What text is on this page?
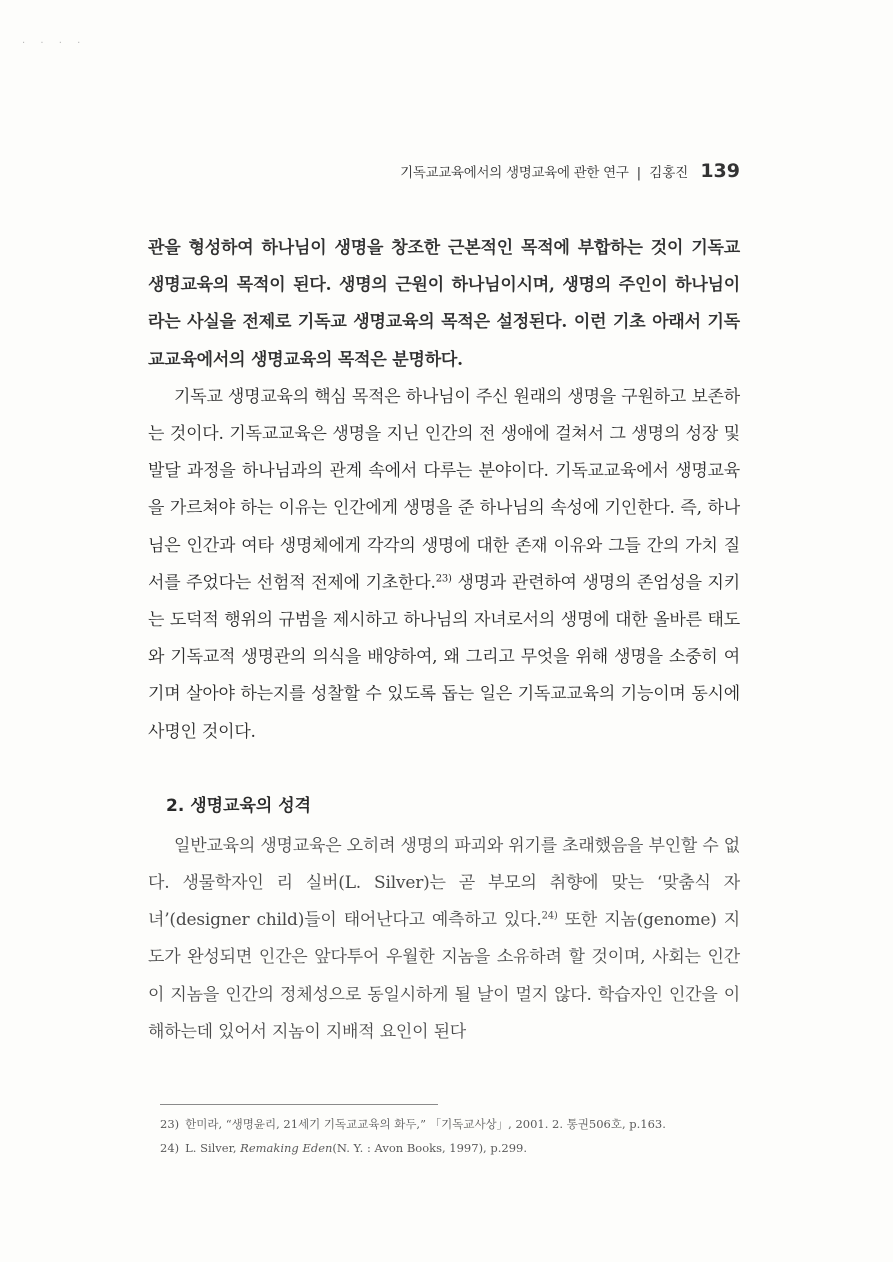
· · · ·
기독교교육에서의 생명교육에 관한 연구 | 김홍진 139

관을 형성하여 하나님이 생명을 창조한 근본적인 목적에 부합하는 것이 기독교 생명교육의 목적이 된다. 생명의 근원이 하나님이시며, 생명의 주인이 하나님이라는 사실을 전제로 기독교 생명교육의 목적은 설정된다. 이런 기초 아래서 기독교교육에서의 생명교육의 목적은 분명하다.

기독교 생명교육의 핵심 목적은 하나님이 주신 원래의 생명을 구원하고 보존하는 것이다. 기독교교육은 생명을 지닌 인간의 전 생애에 걸쳐서 그 생명의 성장 및 발달 과정을 하나님과의 관계 속에서 다루는 분야이다. 기독교교육에서 생명교육을 가르쳐야 하는 이유는 인간에게 생명을 준 하나님의 속성에 기인한다. 즉, 하나님은 인간과 여타 생명체에게 각각의 생명에 대한 존재 이유와 그들 간의 가치 질서를 주었다는 선험적 전제에 기초한다.$^{23)}$ 생명과 관련하여 생명의 존엄성을 지키는 도덕적 행위의 규범을 제시하고 하나님의 자녀로서의 생명에 대한 올바른 태도와 기독교적 생명관의 의식을 배양하여, 왜 그리고 무엇을 위해 생명을 소중히 여기며 살아야 하는지를 성찰할 수 있도록 돕는 일은 기독교교육의 기능이며 동시에 사명인 것이다.

2. 생명교육의 성격

일반교육의 생명교육은 오히려 생명의 파괴와 위기를 초래했음을 부인할 수 없다. 생물학자인 리 실버(L. Silver)는 곧 부모의 취향에 맞는 ‘맞춤식 자녀’(designer child)들이 태어난다고 예측하고 있다.$^{24)}$ 또한 지놈(genome) 지도가 완성되면 인간은 앞다투어 우월한 지놈을 소유하려 할 것이며, 사회는 인간이 지놈을 인간의 정체성으로 동일시하게 될 날이 멀지 않다. 학습자인 인간을 이해하는데 있어서 지놈이 지배적 요인이 된다

23) 한미라, “생명윤리, 21세기 기독교교육의 화두,” 「기독교사상」, 2001. 2. 통권506호, p.163.

24) L. Silver, Remaking Eden(N. Y. : Avon Books, 1997), p.299.
